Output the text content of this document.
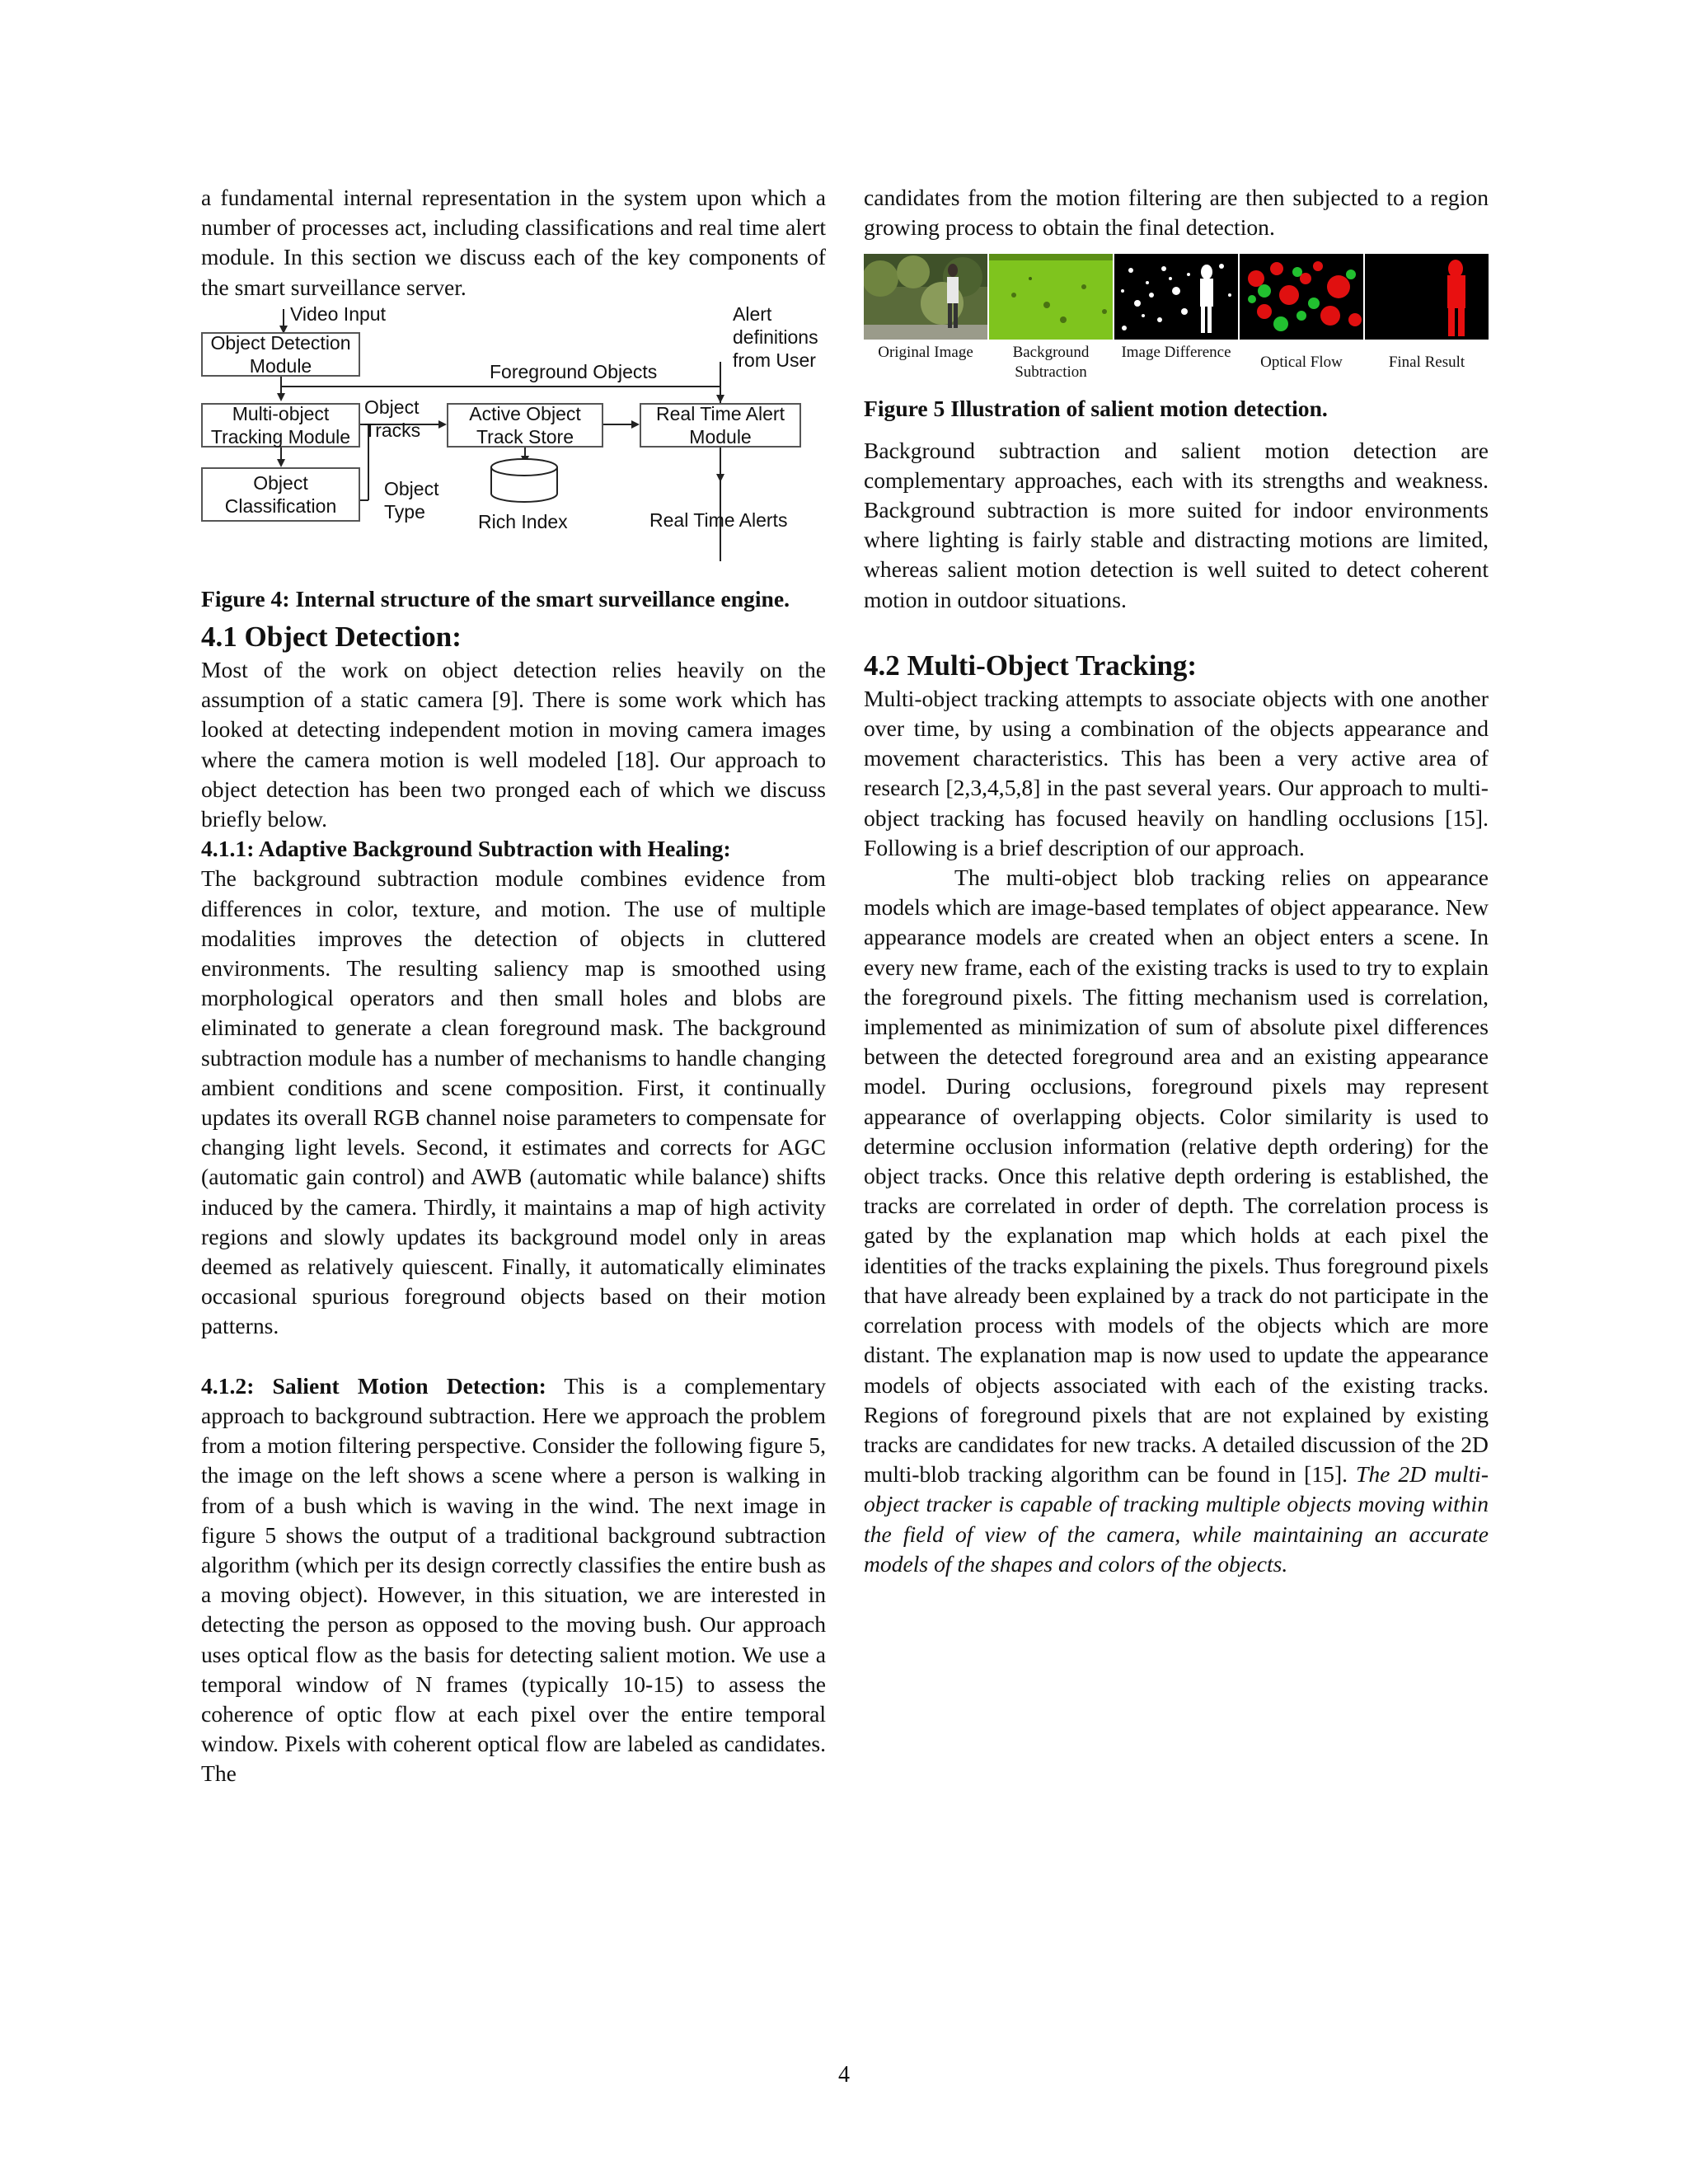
a fundamental internal representation in the system upon which a number of processes act, including classifications and real time alert module. In this section we discuss each of the key components of the smart surveillance server.

Video Input
Object Detection Module	Foreground Objects
Alert definitions from User
Object Tracks
Multi-object Tracking Module
Active Object Track Store
Real Time Alert Module
Object Type
Object Classification
Rich Index	Real Time Alerts

Figure 4: Internal structure of the smart surveillance engine.

4.1 Object Detection:

Most of the work on object detection relies heavily on the assumption of a static camera [9]. There is some work which has looked at detecting independent motion in moving camera images where the camera motion is well modeled [18]. Our approach to object detection has been two pronged each of which we discuss briefly below.

4.1.1: Adaptive Background Subtraction with Healing:

The background subtraction module combines evidence from differences in color, texture, and motion. The use of multiple modalities improves the detection of objects in cluttered environments. The resulting saliency map is smoothed using morphological operators and then small holes and blobs are eliminated to generate a clean foreground mask. The background subtraction module has a number of mechanisms to handle changing ambient conditions and scene composition. First, it continually updates its overall RGB channel noise parameters to compensate for changing light levels. Second, it estimates and corrects for AGC (automatic gain control) and AWB (automatic while balance) shifts induced by the camera. Thirdly, it maintains a map of high activity regions and slowly updates its background model only in areas deemed as relatively quiescent. Finally, it automatically eliminates occasional spurious foreground objects based on their motion patterns.

4.1.2: Salient Motion Detection: This is a complementary approach to background subtraction. Here we approach the problem from a motion filtering perspective. Consider the following figure 5, the image on the left shows a scene where a person is walking in from of a bush which is waving in the wind. The next image in figure 5 shows the output of a traditional background subtraction algorithm (which per its design correctly classifies the entire bush as a moving object). However, in this situation, we are interested in detecting the person as opposed to the moving bush. Our approach uses optical flow as the basis for detecting salient motion. We use a temporal window of N frames (typically 10-15) to assess the coherence of optic flow at each pixel over the entire temporal window. Pixels with coherent optical flow are labeled as candidates. The

candidates from the motion filtering are then subjected to a region growing process to obtain the final detection.

Original Image	Background Subtraction
Image Difference
Optical Flow	Final Result

Figure 5 Illustration of salient motion detection.

Background subtraction and salient motion detection are complementary approaches, each with its strengths and weakness. Background subtraction is more suited for indoor environments where lighting is fairly stable and distracting motions are limited, whereas salient motion detection is well suited to detect coherent motion in outdoor situations.

4.2 Multi-Object Tracking:

Multi-object tracking attempts to associate objects with one another over time, by using a combination of the objects appearance and movement characteristics. This has been a very active area of research [2,3,4,5,8] in the past several years. Our approach to multi-object tracking has focused heavily on handling occlusions [15]. Following is a brief description of our approach.

The multi-object blob tracking relies on appearance models which are image-based templates of object appearance. New appearance models are created when an object enters a scene. In every new frame, each of the existing tracks is used to try to explain the foreground pixels. The fitting mechanism used is correlation, implemented as minimization of sum of absolute pixel differences between the detected foreground area and an existing appearance model. During occlusions, foreground pixels may represent appearance of overlapping objects. Color similarity is used to determine occlusion information (relative depth ordering) for the object tracks. Once this relative depth ordering is established, the tracks are correlated in order of depth. The correlation process is gated by the explanation map which holds at each pixel the identities of the tracks explaining the pixels. Thus foreground pixels that have already been explained by a track do not participate in the correlation process with models of the objects which are more distant. The explanation map is now used to update the appearance models of objects associated with each of the existing tracks. Regions of foreground pixels that are not explained by existing tracks are candidates for new tracks. A detailed discussion of the 2D multi-blob tracking algorithm can be found in [15]. The 2D multi- object tracker is capable of tracking multiple objects moving within the field of view of the camera, while maintaining an accurate models of the shapes and colors of the objects.

4
